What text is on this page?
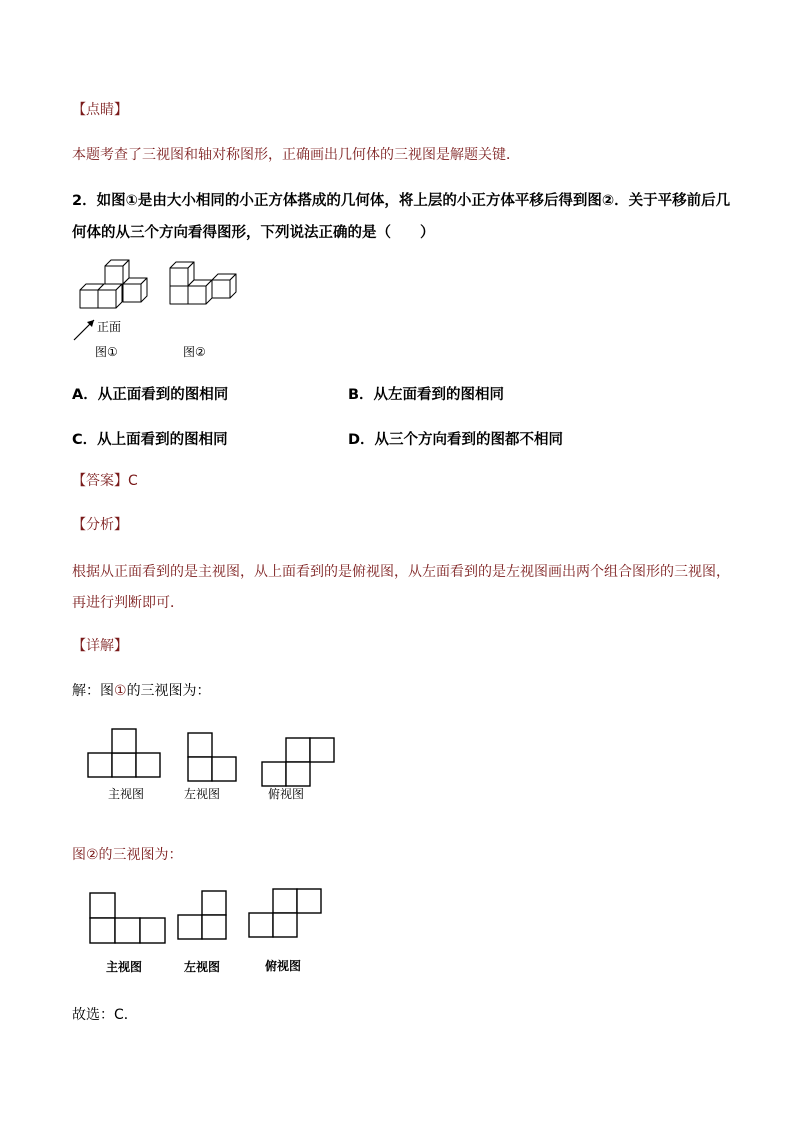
【点睛】
本题考查了三视图和轴对称图形，正确画出几何体的三视图是解题关键．
2．如图①是由大小相同的小正方体搭成的几何体，将上层的小正方体平移后得到图②．关于平移前后几
何体的从三个方向看得图形，下列说法正确的是（　　）
正面
图①	图②
A．从正面看到的图相同	B．从左面看到的图相同
C．从上面看到的图相同	D．从三个方向看到的图都不相同
【答案】C
【分析】
根据从正面看到的是主视图，从上面看到的是俯视图，从左面看到的是左视图画出两个组合图形的三视图，
再进行判断即可．
【详解】
解：图①的三视图为：
主视图	左视图	俯视图
图②的三视图为：
主视图	左视图	俯视图
故选：C．
